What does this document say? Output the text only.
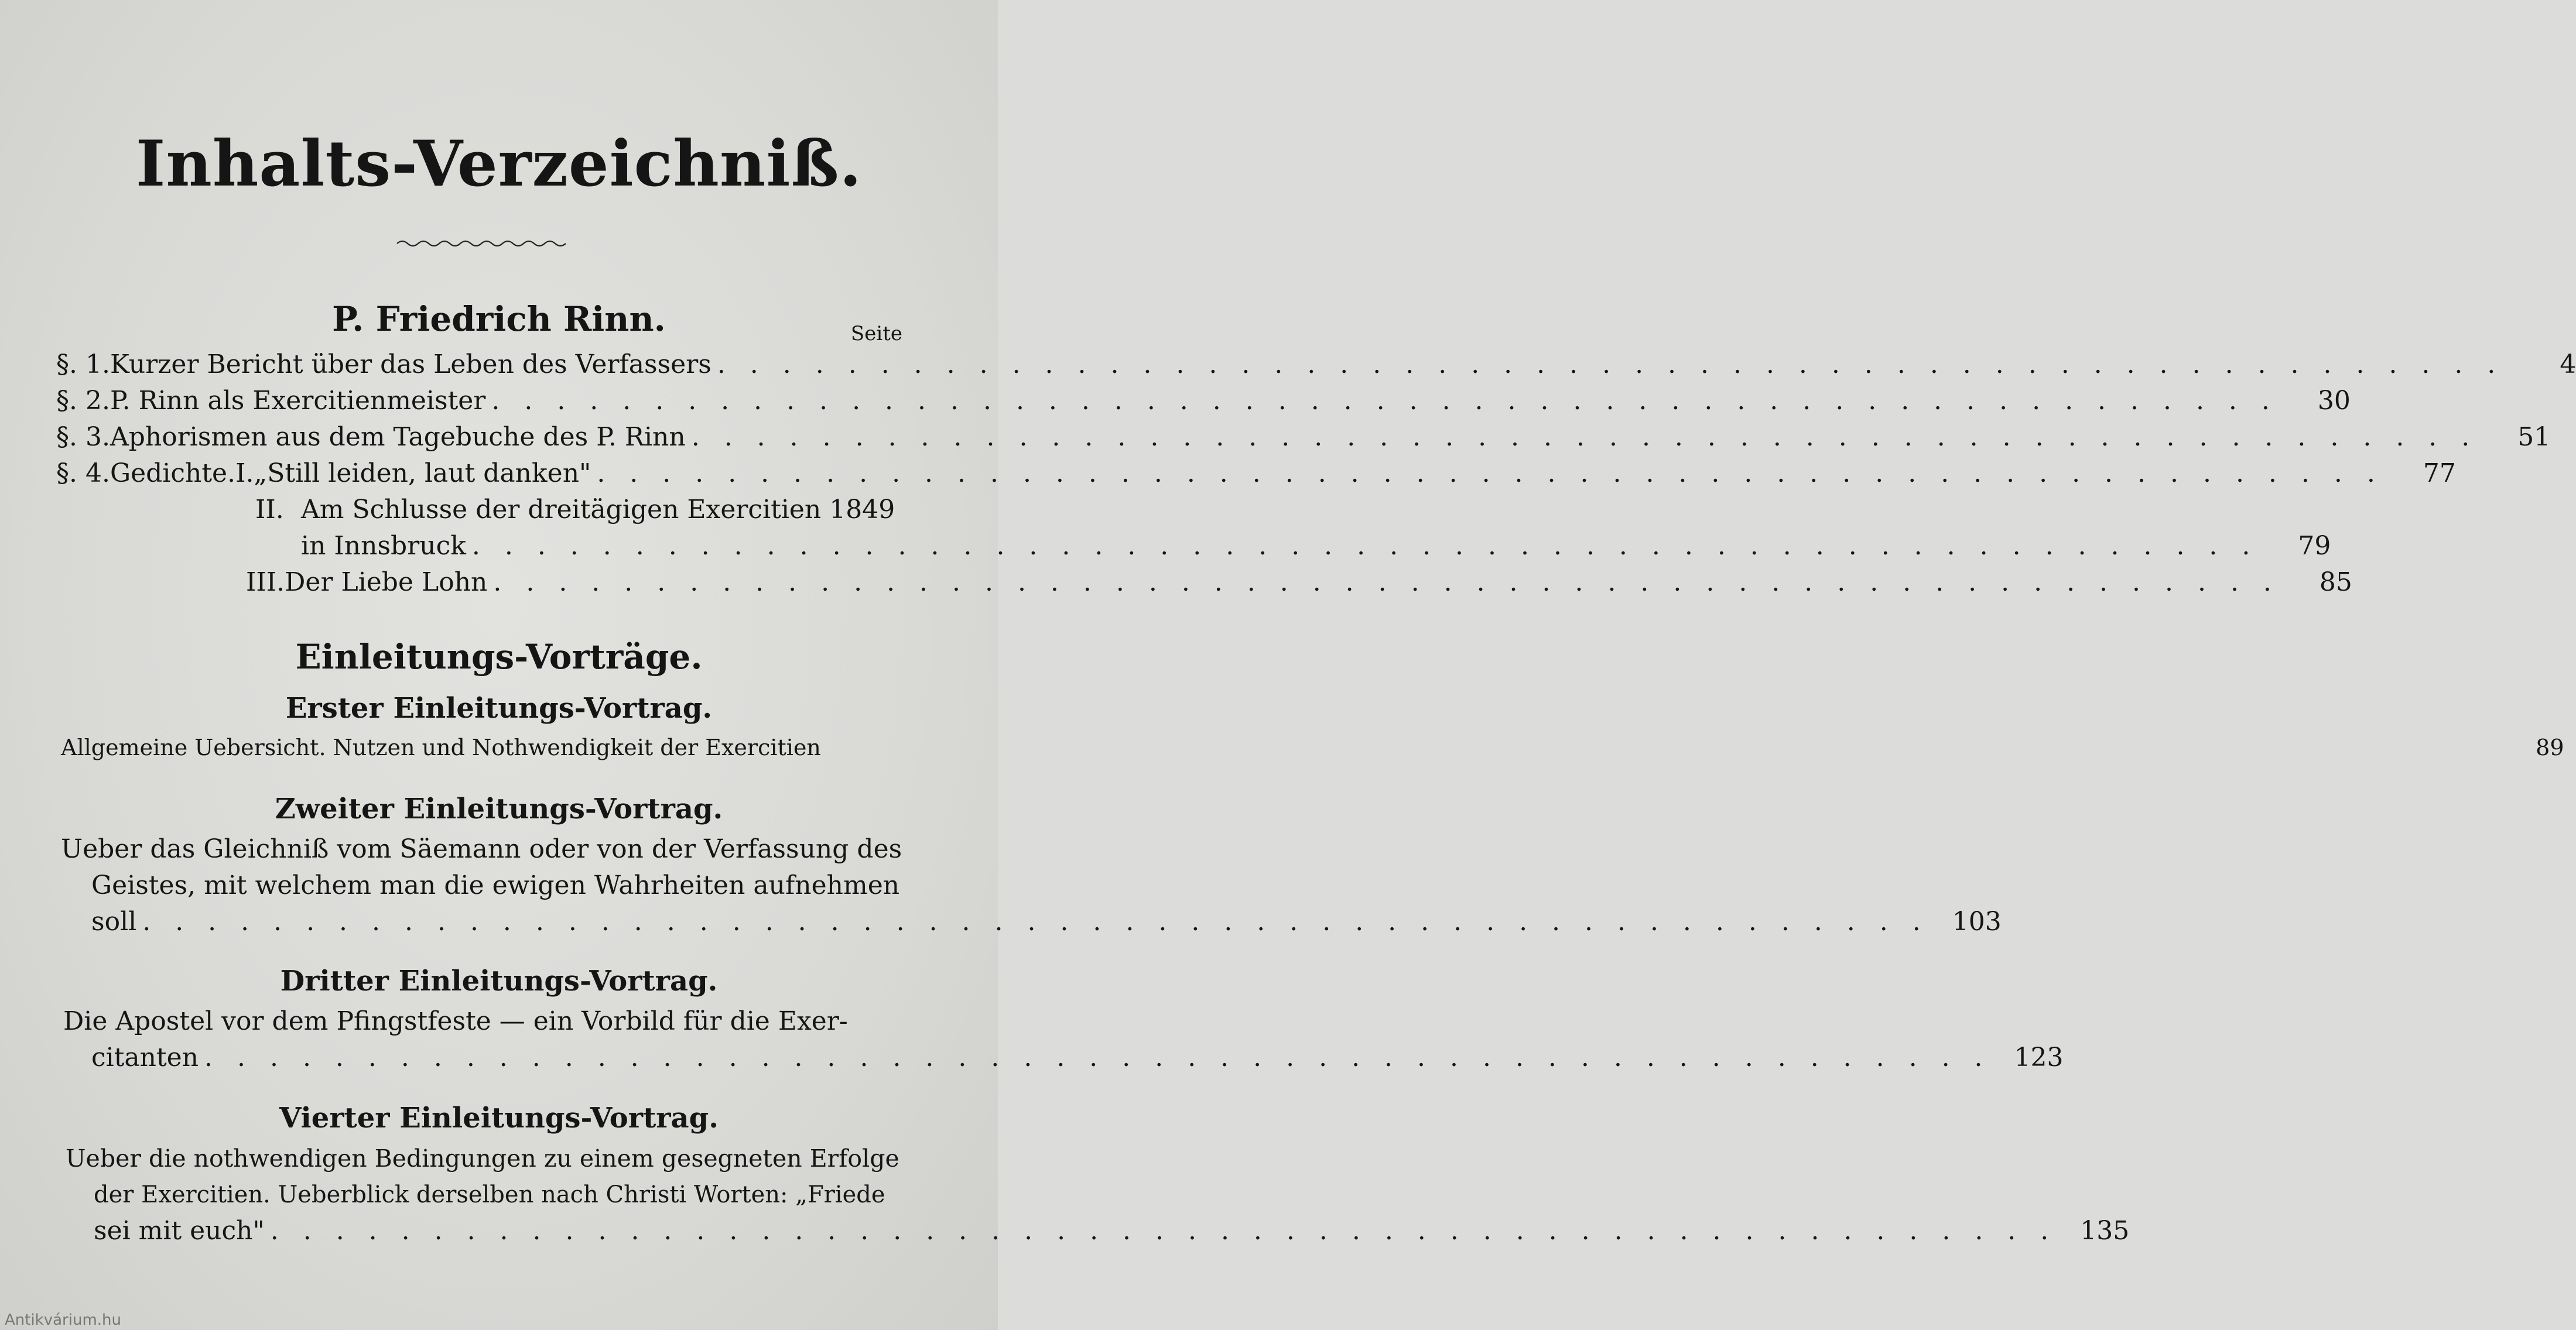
Inhalts-Verzeichniß.
P. Friedrich Rinn.	Seite
§. 1. Kurzer Bericht über das Leben des Verfassers . . . . . . . . . . . . . . . . . . . . . . . . . . . . . . . . . . . . . . . . . . . . . . . . . . . . . . .	4
§. 2. P. Rinn als Exercitienmeister . . . . . . . . . . . . . . . . . . . . . . . . . . . . . . . . . . . . . . . . . . . . . . . . . . . . . . .	30
§. 3. Aphorismen aus dem Tagebuche des P. Rinn . . . . . . . . . . . . . . . . . . . . . . . . . . . . . . . . . . . . . . . . . . . . . . . . . . . . . . .	51
§. 4. Gedichte. I. „Still leiden, laut danken" . . . . . . . . . . . . . . . . . . . . . . . . . . . . . . . . . . . . . . . . . . . . . . . . . . . . . . .	77
II. Am Schlusse der dreitägigen Exercitien 1849
in Innsbruck . . . . . . . . . . . . . . . . . . . . . . . . . . . . . . . . . . . . . . . . . . . . . . . . . . . . . . .	79
III. Der Liebe Lohn . . . . . . . . . . . . . . . . . . . . . . . . . . . . . . . . . . . . . . . . . . . . . . . . . . . . . . .	85
Einleitungs-Vorträge.
Erster Einleitungs-Vortrag.
Allgemeine Uebersicht. Nutzen und Nothwendigkeit der Exercitien	89
Zweiter Einleitungs-Vortrag.
Ueber das Gleichniß vom Säemann oder von der Verfassung des
Geistes, mit welchem man die ewigen Wahrheiten aufnehmen
soll . . . . . . . . . . . . . . . . . . . . . . . . . . . . . . . . . . . . . . . . . . . . . . . . . . . . . . . 103
Dritter Einleitungs-Vortrag.
Die Apostel vor dem Pfingstfeste — ein Vorbild für die Exer-
citanten . . . . . . . . . . . . . . . . . . . . . . . . . . . . . . . . . . . . . . . . . . . . . . . . . . . . . . . 123
Vierter Einleitungs-Vortrag.
Ueber die nothwendigen Bedingungen zu einem gesegneten Erfolge
der Exercitien. Ueberblick derselben nach Christi Worten: „Friede
sei mit euch" . . . . . . . . . . . . . . . . . . . . . . . . . . . . . . . . . . . . . . . . . . . . . . . . . . . . . . . 135
Antikvárium.hu
